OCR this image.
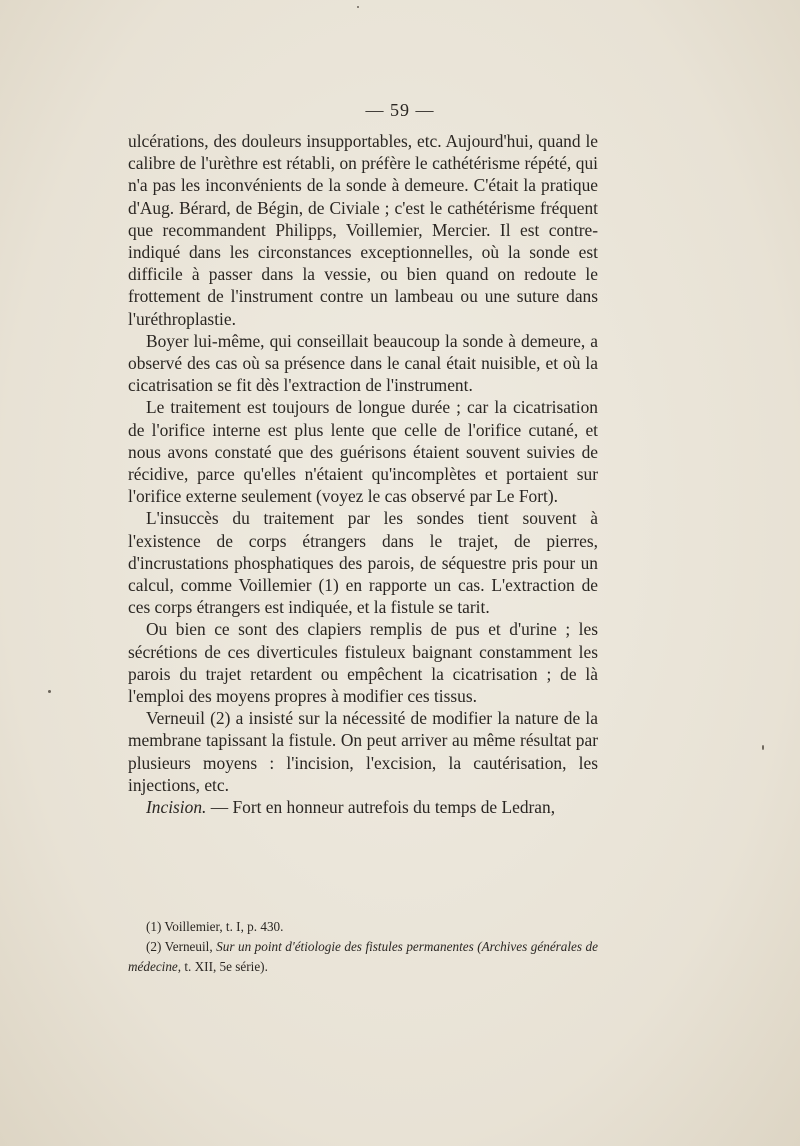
— 59 —

ulcérations, des douleurs insupportables, etc. Aujourd'hui, quand le calibre de l'urèthre est rétabli, on préfère le cathétérisme répété, qui n'a pas les inconvénients de la sonde à demeure. C'était la pratique d'Aug. Bérard, de Bégin, de Civiale ; c'est le cathétérisme fréquent que recommandent Philipps, Voillemier, Mercier. Il est contre-indiqué dans les circonstances exceptionnelles, où la sonde est difficile à passer dans la vessie, ou bien quand on redoute le frottement de l'instrument contre un lambeau ou une suture dans l'uréthroplastie.

Boyer lui-même, qui conseillait beaucoup la sonde à demeure, a observé des cas où sa présence dans le canal était nuisible, et où la cicatrisation se fit dès l'extraction de l'instrument.

Le traitement est toujours de longue durée ; car la cicatrisation de l'orifice interne est plus lente que celle de l'orifice cutané, et nous avons constaté que des guérisons étaient souvent suivies de récidive, parce qu'elles n'étaient qu'incomplètes et portaient sur l'orifice externe seulement (voyez le cas observé par Le Fort).

L'insuccès du traitement par les sondes tient souvent à l'existence de corps étrangers dans le trajet, de pierres, d'incrustations phosphatiques des parois, de séquestre pris pour un calcul, comme Voillemier (1) en rapporte un cas. L'extraction de ces corps étrangers est indiquée, et la fistule se tarit.

Ou bien ce sont des clapiers remplis de pus et d'urine ; les sécrétions de ces diverticules fistuleux baignant constamment les parois du trajet retardent ou empêchent la cicatrisation ; de là l'emploi des moyens propres à modifier ces tissus.

Verneuil (2) a insisté sur la nécessité de modifier la nature de la membrane tapissant la fistule. On peut arriver au même résultat par plusieurs moyens : l'incision, l'excision, la cautérisation, les injections, etc.

Incision. — Fort en honneur autrefois du temps de Ledran,

(1) Voillemier, t. I, p. 430.

(2) Verneuil, Sur un point d'étiologie des fistules permanentes (Archives générales de médecine, t. XII, 5e série).
